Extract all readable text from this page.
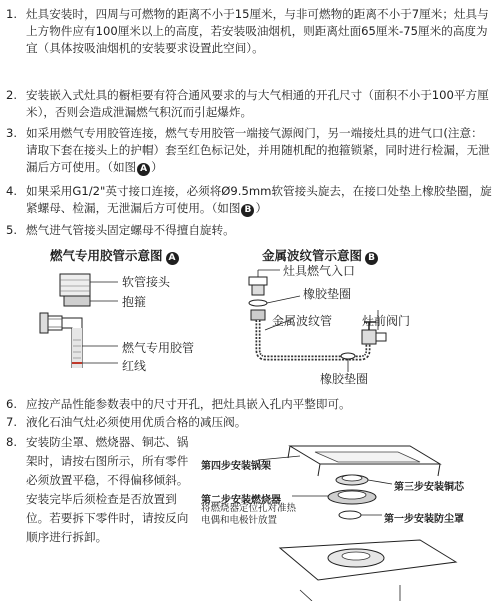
1. 灶具安装时，四周与可燃物的距离不小于15厘米，与非可燃物的距离不小于7厘米；灶具与上方物件应有100厘米以上的高度，若安装吸油烟机，则距离灶面65厘米-75厘米的高度为宜（具体按吸油烟机的安装要求设置此空间）。
2. 安装嵌入式灶具的橱柜要有符合通风要求的与大气相通的开孔尺寸（面积不小于100平方厘米），否则会造成泄漏燃气积沉而引起爆炸。
3. 如采用燃气专用胶管连接，燃气专用胶管一端接气源阀门，另一端接灶具的进气口(注意：请取下套在接头上的护帽）套至红色标记处，并用随机配的抱箍锁紧，同时进行检漏，无泄漏后方可使用。（如图 A ）
4. 如果采用G1/2"英寸接口连接，必须将Ø9.5mm软管接头旋去，在接口处垫上橡胶垫圈，旋紧螺母、检漏，无泄漏后方可使用。（如图 B ）
5. 燃气进气管接头固定螺母不得擅自旋转。
燃气专用胶管示意图 A	金属波纹管示意图 B
软管接头
抱箍
燃气专用胶管
红线
灶具燃气入口
橡胶垫圈
金属波纹管 灶前阀门
橡胶垫圈
6. 应按产品性能参数表中的尺寸开孔，把灶具嵌入孔内平整即可。
7. 液化石油气灶必须使用优质合格的减压阀。
8. 安装防尘罩、燃烧器、铜芯、锅架时，请按右图所示，所有零件必须放置平稳，不得偏移倾斜。安装完毕后须检查是否放置到位。若要拆下零件时，请按反向顺序进行拆卸。
第四步安装锅架
第三步安装铜芯
第二步安装燃烧器
将燃烧器定位孔对准热电偶和电极针放置	第一步安装防尘罩
